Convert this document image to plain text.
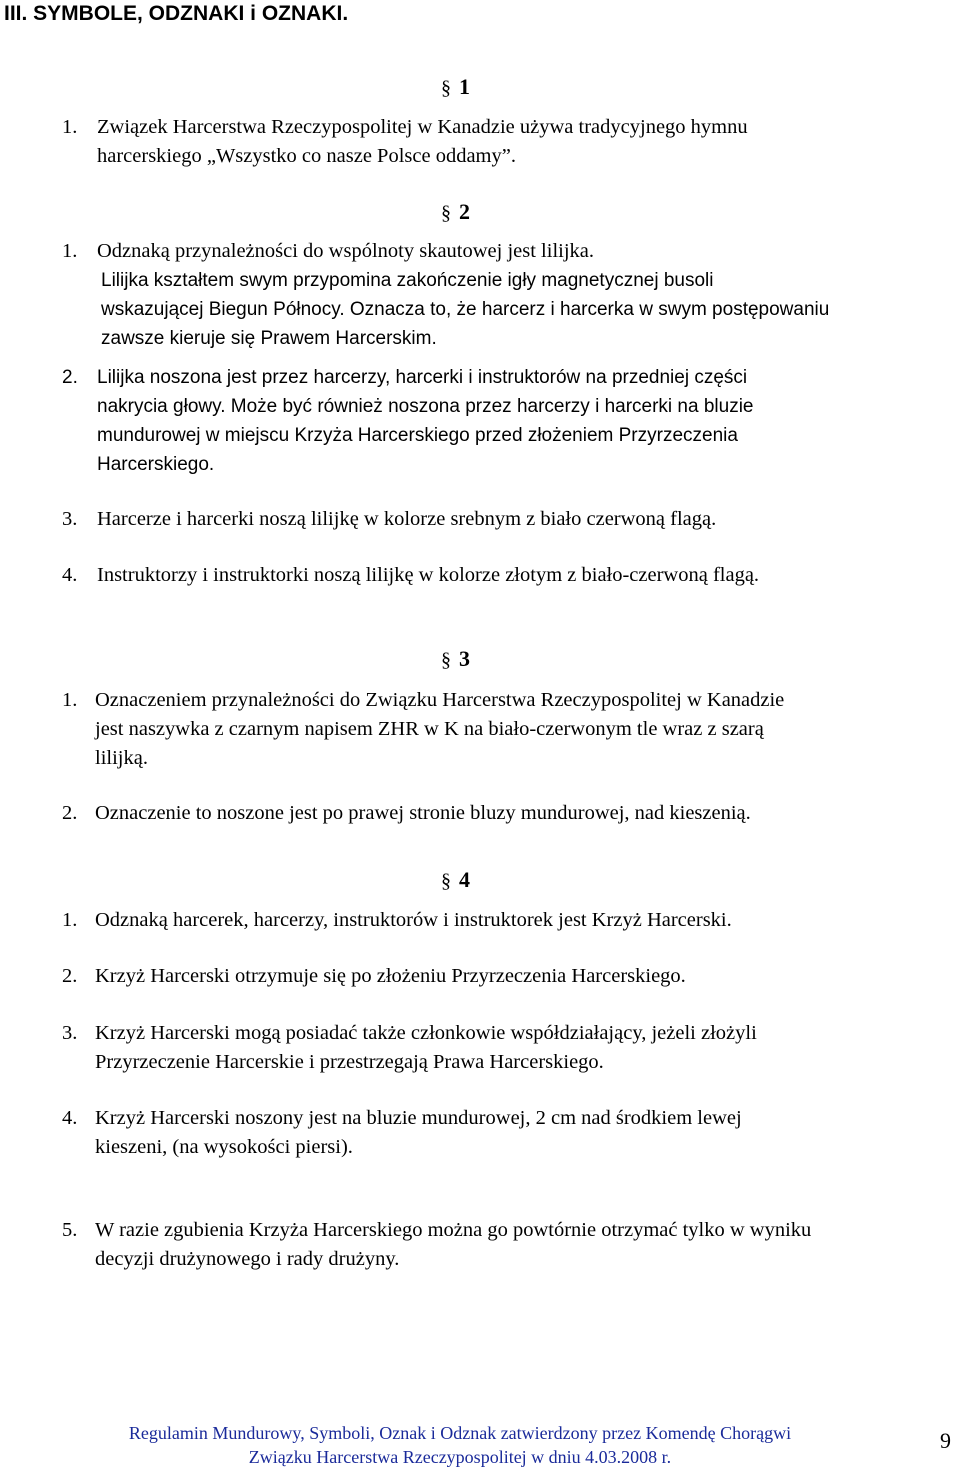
III. SYMBOLE, ODZNAKI i OZNAKI.
§ 1
1. Związek Harcerstwa Rzeczypospolitej w Kanadzie używa tradycyjnego hymnu
harcerskiego „Wszystko co nasze Polsce oddamy”.
§ 2
1. Odznaką przynależności do wspólnoty skautowej jest lilijka.
Lilijka kształtem swym przypomina zakończenie igły magnetycznej busoli
wskazującej Biegun Północy. Oznacza to, że harcerz i harcerka w swym postępowaniu
zawsze kieruje się Prawem Harcerskim.
2. Lilijka noszona jest przez harcerzy, harcerki i instruktorów na przedniej części
nakrycia głowy. Może być również noszona przez harcerzy i harcerki na bluzie
mundurowej w miejscu Krzyża Harcerskiego przed złożeniem Przyrzeczenia
Harcerskiego.
3. Harcerze i harcerki noszą lilijkę w kolorze srebnym z biało czerwoną flagą.
4. Instruktorzy i instruktorki noszą lilijkę w kolorze złotym z biało-czerwoną flagą.
§ 3
1. Oznaczeniem przynależności do Związku Harcerstwa Rzeczypospolitej w Kanadzie
jest naszywka z czarnym napisem ZHR w K na biało-czerwonym tle wraz z szarą
lilijką.
2. Oznaczenie to noszone jest po prawej stronie bluzy mundurowej, nad kieszenią.
§ 4
1. Odznaką harcerek, harcerzy, instruktorów i instruktorek jest Krzyż Harcerski.
2. Krzyż Harcerski otrzymuje się po złożeniu Przyrzeczenia Harcerskiego.
3. Krzyż Harcerski mogą posiadać także członkowie współdziałający, jeżeli złożyli
Przyrzeczenie Harcerskie i przestrzegają Prawa Harcerskiego.
4. Krzyż Harcerski noszony jest na bluzie mundurowej, 2 cm nad środkiem lewej
kieszeni, (na wysokości piersi).
5. W razie zgubienia Krzyża Harcerskiego można go powtórnie otrzymać tylko w wyniku
decyzji drużynowego i rady drużyny.
Regulamin Mundurowy, Symboli, Oznak i Odznak zatwierdzony przez Komendę Chorągwi
Związku Harcerstwa Rzeczypospolitej w dniu 4.03.2008 r.
9
